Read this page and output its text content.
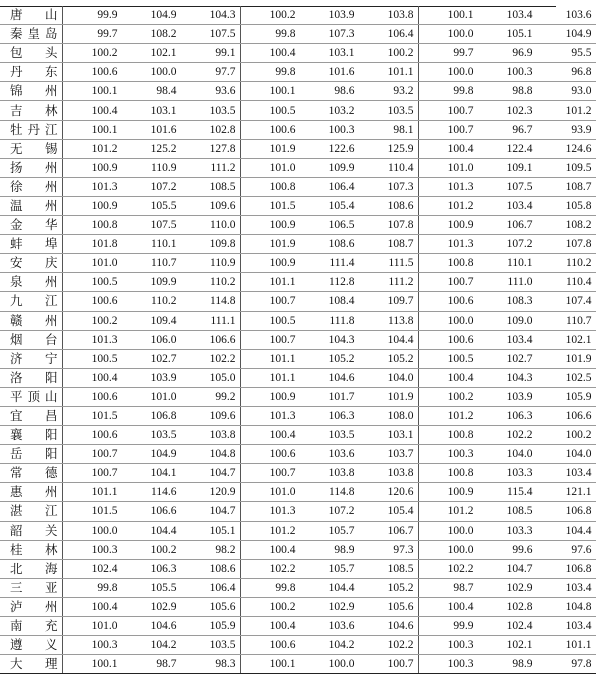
唐山	99.9	104.9	104.3	100.2	103.9	103.8	100.1	103.4	103.6
秦皇岛	99.7	108.2	107.5	99.8	107.3	106.4	100.0	105.1	104.9
包头	100.2	102.1	99.1	100.4	103.1	100.2	99.7	96.9	95.5
丹东	100.6	100.0	97.7	99.8	101.6	101.1	100.0	100.3	96.8
锦州	100.1	98.4	93.6	100.1	98.6	93.2	99.8	98.8	93.0
吉林	100.4	103.1	103.5	100.5	103.2	103.5	100.7	102.3	101.2
牡丹江	100.1	101.6	102.8	100.6	100.3	98.1	100.7	96.7	93.9
无锡	101.2	125.2	127.8	101.9	122.6	125.9	100.4	122.4	124.6
扬州	100.9	110.9	111.2	101.0	109.9	110.4	101.0	109.1	109.5
徐州	101.3	107.2	108.5	100.8	106.4	107.3	101.3	107.5	108.7
温州	100.9	105.5	109.6	101.5	105.4	108.6	101.2	103.4	105.8
金华	100.8	107.5	110.0	100.9	106.5	107.8	100.9	106.7	108.2
蚌埠	101.8	110.1	109.8	101.9	108.6	108.7	101.3	107.2	107.8
安庆	101.0	110.7	110.9	100.9	111.4	111.5	100.8	110.1	110.2
泉州	100.5	109.9	110.2	101.1	112.8	111.2	100.7	111.0	110.4
九江	100.6	110.2	114.8	100.7	108.4	109.7	100.6	108.3	107.4
赣州	100.2	109.4	111.1	100.5	111.8	113.8	100.0	109.0	110.7
烟台	101.3	106.0	106.6	100.7	104.3	104.4	100.6	103.4	102.1
济宁	100.5	102.7	102.2	101.1	105.2	105.2	100.5	102.7	101.9
洛阳	100.4	103.9	105.0	101.1	104.6	104.0	100.4	104.3	102.5
平顶山	100.6	101.0	99.2	100.9	101.7	101.9	100.2	103.9	105.9
宜昌	101.5	106.8	109.6	101.3	106.3	108.0	101.2	106.3	106.6
襄阳	100.6	103.5	103.8	100.4	103.5	103.1	100.8	102.2	100.2
岳阳	100.7	104.9	104.8	100.6	103.6	103.7	100.3	104.0	104.0
常德	100.7	104.1	104.7	100.7	103.8	103.8	100.8	103.3	103.4
惠州	101.1	114.6	120.9	101.0	114.8	120.6	100.9	115.4	121.1
湛江	101.5	106.6	104.7	101.3	107.2	105.4	101.2	108.5	106.8
韶关	100.0	104.4	105.1	101.2	105.7	106.7	100.0	103.3	104.4
桂林	100.3	100.2	98.2	100.4	98.9	97.3	100.0	99.6	97.6
北海	102.4	106.3	108.6	102.2	105.7	108.5	102.2	104.7	106.8
三亚	99.8	105.5	106.4	99.8	104.4	105.2	98.7	102.9	103.4
泸州	100.4	102.9	105.6	100.2	102.9	105.6	100.4	102.8	104.8
南充	101.0	104.6	105.9	100.4	103.6	104.6	99.9	102.4	103.4
遵义	100.3	104.2	103.5	100.6	104.2	102.2	100.3	102.1	101.1
大理	100.1	98.7	98.3	100.1	100.0	100.7	100.3	98.9	97.8
